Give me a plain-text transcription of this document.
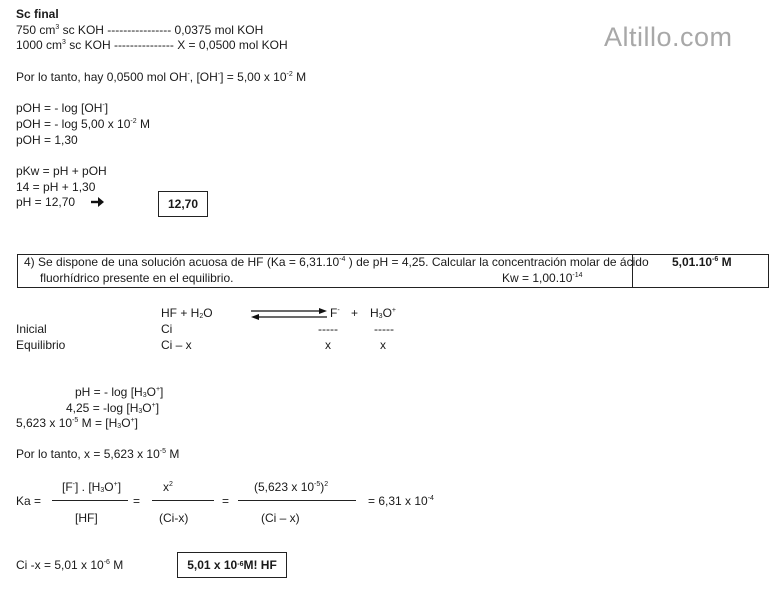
Altillo.com
Sc final
750 $cm^3$ sc KOH ---------------- 0,0375 mol KOH
1000 $cm^3$ sc KOH --------------- X = 0,0500 mol KOH
Por lo tanto, hay 0,0500 mol OH-, [OH-] = 5,00 x $10^{-2}$ M
pOH = - log [OH-]
pOH = - log 5,00 x $10^{-2}$ M
pOH = 1,30
pKw = pH + pOH
14 = pH + 1,30
pH = 12,70	12,70
4) Se dispone de una solución acuosa de HF ($Ka = 6,31.10^{-4}$ ) de pH = 4,25. Calcular la concentración molar de ácido
fluorhídrico presente en el equilibrio.	$Kw = 1,00.10^{-14}$
$5,01.10^{-6}$ M
HF + $H_2O$	$F^- + H_3O^+$
Inicial	Ci	-----	-----
Equilibrio	Ci – x	x	x
pH = - $\log [H_3O^+]$
4,25 = -log $[H_3O^+]$
5,623 x $10^{-5}$ $M = [H_3O^+]$
Por lo tanto, x = 5,623 x $10^{-5}$ M
Ka =
[F-] . $[H_3O^+]$
[HF]
=
$x^2$
(Ci-x)
=
(5,623 x $10^{-5})^2$
(Ci – x)
= 6,31 x $10^{-4}$
Ci -x = 5,01 x $10^{-6}$ M	5,01 x 10 -6 M! HF
